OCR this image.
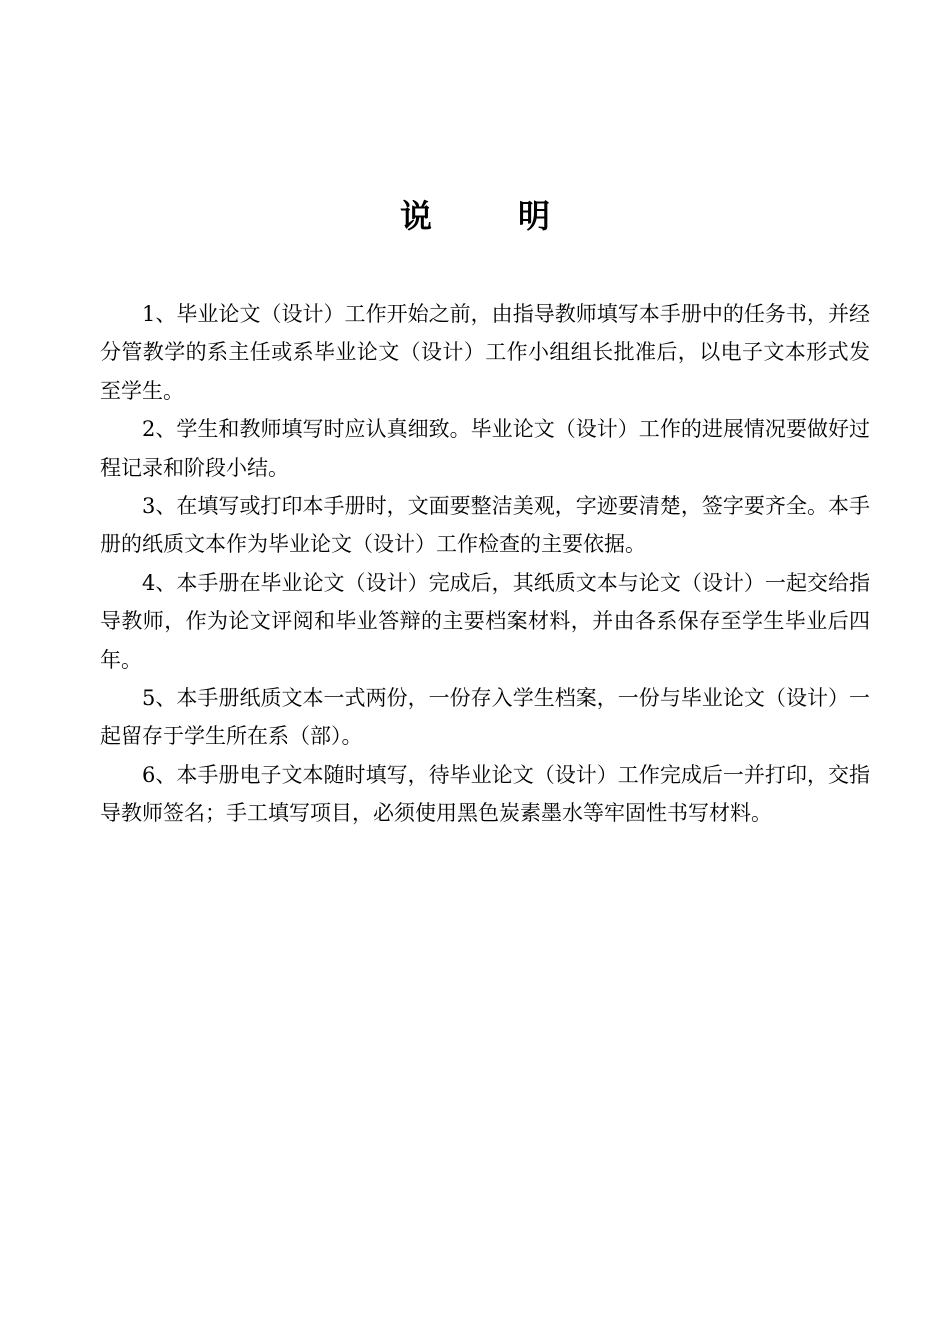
说	明

1、毕业论文（设计）工作开始之前，由指导教师填写本手册中的任务书，并经分管教学的系主任或系毕业论文（设计）工作小组组长批准后，以电子文本形式发至学生。

2、学生和教师填写时应认真细致。毕业论文（设计）工作的进展情况要做好过程记录和阶段小结。

3、在填写或打印本手册时，文面要整洁美观，字迹要清楚，签字要齐全。本手册的纸质文本作为毕业论文（设计）工作检查的主要依据。

4、本手册在毕业论文（设计）完成后，其纸质文本与论文（设计）一起交给指导教师，作为论文评阅和毕业答辩的主要档案材料，并由各系保存至学生毕业后四年。

5、本手册纸质文本一式两份，一份存入学生档案，一份与毕业论文（设计）一起留存于学生所在系（部）。

6、本手册电子文本随时填写，待毕业论文（设计）工作完成后一并打印，交指导教师签名；手工填写项目，必须使用黑色炭素墨水等牢固性书写材料。
